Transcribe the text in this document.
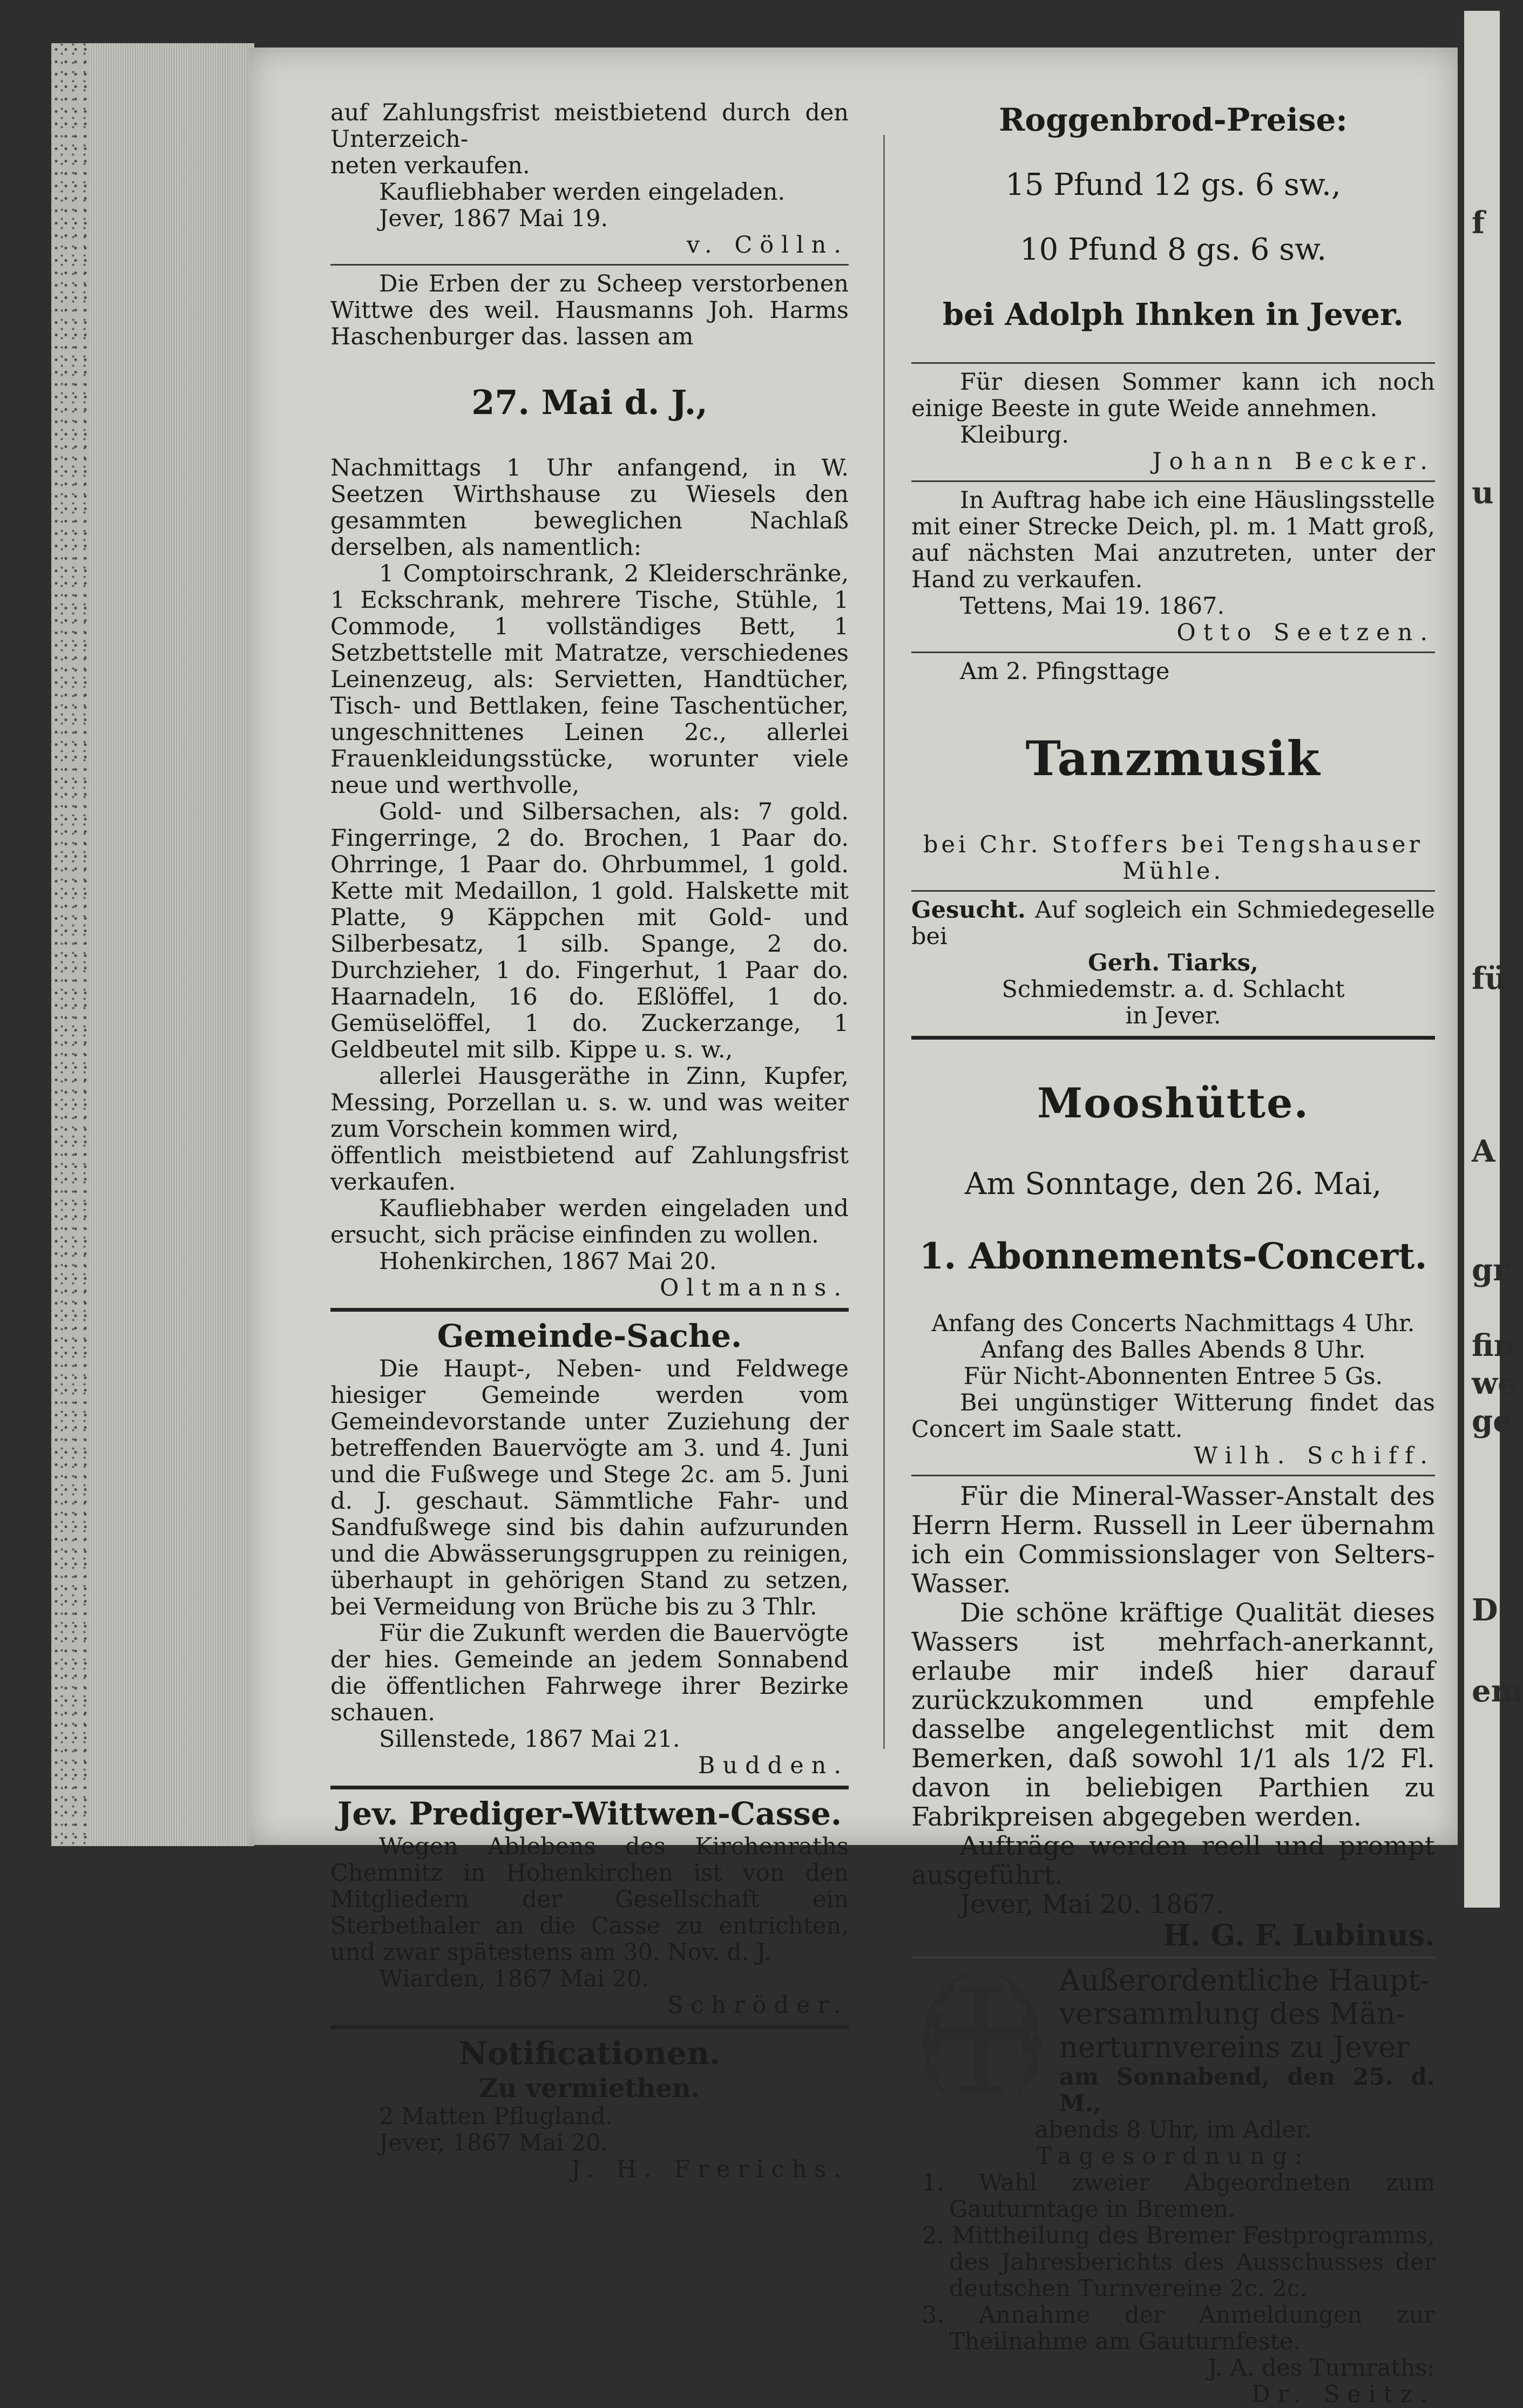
f
u
fü
A
gr
fin
we
ge
D
em

auf Zahlungsfrist meistbietend durch den Unterzeich-

neten verkaufen.

Kaufliebhaber werden eingeladen.

Jever, 1867 Mai 19.

v. Cölln.

Die Erben der zu Scheep verstorbenen Wittwe des weil. Hausmanns Joh. Harms Haschenburger das. lassen am

27. Mai d. J.,

Nachmittags 1 Uhr anfangend, in W. Seetzen Wirthshause zu Wiesels den gesammten beweglichen Nachlaß derselben, als namentlich:

1 Comptoirschrank, 2 Kleiderschränke, 1 Eckschrank, mehrere Tische, Stühle, 1 Commode, 1 vollständiges Bett, 1 Setzbettstelle mit Matratze, verschiedenes Leinenzeug, als: Servietten, Handtücher, Tisch- und Bettlaken, feine Taschentücher, ungeschnittenes Leinen 2c., allerlei Frauenkleidungsstücke, worunter viele neue und werthvolle,

Gold- und Silbersachen, als: 7 gold. Fingerringe, 2 do. Brochen, 1 Paar do. Ohrringe, 1 Paar do. Ohrbummel, 1 gold. Kette mit Medaillon, 1 gold. Halskette mit Platte, 9 Käppchen mit Gold- und Silberbesatz, 1 silb. Spange, 2 do. Durchzieher, 1 do. Fingerhut, 1 Paar do. Haarnadeln, 16 do. Eßlöffel, 1 do. Gemüselöffel, 1 do. Zuckerzange, 1 Geldbeutel mit silb. Kippe u. s. w.,

allerlei Hausgeräthe in Zinn, Kupfer, Messing, Porzellan u. s. w. und was weiter zum Vorschein kommen wird,

öffentlich meistbietend auf Zahlungsfrist verkaufen.

Kaufliebhaber werden eingeladen und ersucht, sich präcise einfinden zu wollen.

Hohenkirchen, 1867 Mai 20.

Oltmanns.

Gemeinde-Sache.

Die Haupt-, Neben- und Feldwege hiesiger Gemeinde werden vom Gemeindevorstande unter Zuziehung der betreffenden Bauervögte am 3. und 4. Juni und die Fußwege und Stege 2c. am 5. Juni d. J. geschaut. Sämmtliche Fahr- und Sandfußwege sind bis dahin aufzurunden und die Abwässerungsgruppen zu reinigen, überhaupt in gehörigen Stand zu setzen, bei Vermeidung von Brüche bis zu 3 Thlr.

Für die Zukunft werden die Bauervögte der hies. Gemeinde an jedem Sonnabend die öffentlichen Fahrwege ihrer Bezirke schauen.

Sillenstede, 1867 Mai 21.

Budden.

Jev. Prediger-Wittwen-Casse.

Wegen Ablebens des Kirchenraths Chemnitz in Hohenkirchen ist von den Mitgliedern der Gesellschaft ein Sterbethaler an die Casse zu entrichten, und zwar spätestens am 30. Nov. d. J.

Wiarden, 1867 Mai 20.

Schröder.

Notificationen.

Zu vermiethen.

2 Matten Pflugland.

Jever, 1867 Mai 20.

J. H. Frerichs.

Roggenbrod-Preise:

15 Pfund 12 gs. 6 sw.,

10 Pfund 8 gs. 6 sw.

bei Adolph Ihnken in Jever.

Für diesen Sommer kann ich noch einige Beeste in gute Weide annehmen.

Kleiburg.

Johann Becker.

In Auftrag habe ich eine Häuslingsstelle mit einer Strecke Deich, pl. m. 1 Matt groß, auf nächsten Mai anzutreten, unter der Hand zu verkaufen.

Tettens, Mai 19. 1867.

Otto Seetzen.

Am 2. Pfingsttage

Tanzmusik

bei Chr. Stoffers bei Tengshauser Mühle.

Gesucht. Auf sogleich ein Schmiedegeselle bei

Gerh. Tiarks,

Schmiedemstr. a. d. Schlacht

in Jever.

Mooshütte.

Am Sonntage, den 26. Mai,

1. Abonnements-Concert.

Anfang des Concerts Nachmittags 4 Uhr.

Anfang des Balles Abends 8 Uhr.

Für Nicht-Abonnenten Entree 5 Gs.

Bei ungünstiger Witterung findet das Concert im Saale statt.

Wilh. Schiff.

Für die Mineral-Wasser-Anstalt des Herrn Herm. Russell in Leer übernahm ich ein Commissionslager von Selters-Wasser.

Die schöne kräftige Qualität dieses Wassers ist mehrfach-anerkannt, erlaube mir indeß hier darauf zurückzukommen und empfehle dasselbe angelegentlichst mit dem Bemerken, daß sowohl 1/1 als 1/2 Fl. davon in beliebigen Parthien zu Fabrikpreisen abgegeben werden.

Aufträge werden reell und prompt ausgeführt.

Jever, Mai 20. 1867.

H. G. F. Lubinus.

Außerordentliche Haupt-

versammlung des Män-

nerturnvereins zu Jever

am Sonnabend, den 25. d. M.,

abends 8 Uhr, im Adler.

Tagesordnung:

1. Wahl zweier Abgeordneten zum Gauturntage in Bremen.

2. Mittheilung des Bremer Festprogramms, des Jahresberichts des Ausschusses der deutschen Turnvereine 2c. 2c.

3. Annahme der Anmeldungen zur Theilnahme am Gauturnfeste.

J. A. des Turnraths:

Dr. Seitz.
